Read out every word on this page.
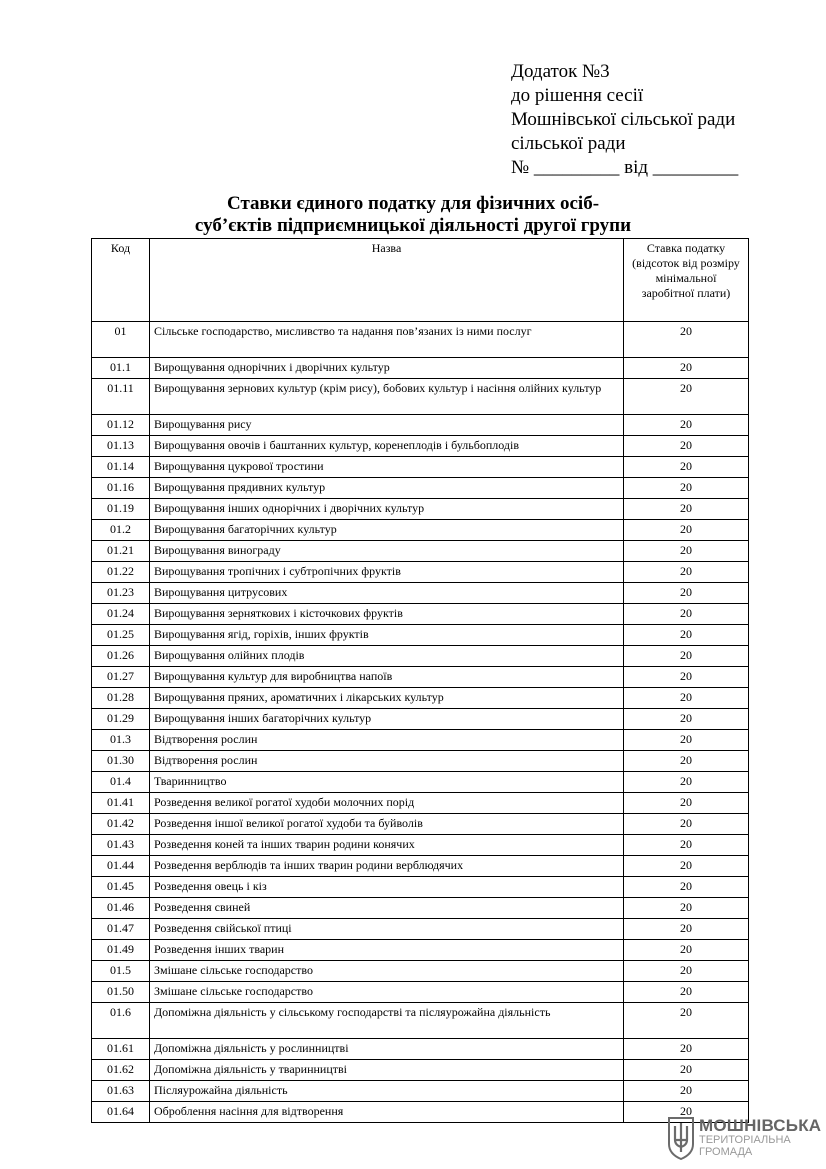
Додаток №3
до рішення сесії
Мошнівської сільської ради
сільської ради
№ _________ від _________
Ставки єдиного податку для фізичних осіб-
суб’єктів підприємницької діяльності другої групи
Код	Назва	Ставка податку (відсоток від розміру мінімальної заробітної плати)
01	Сільське господарство, мисливство та надання пов’язаних із ними послуг	20
01.1	Вирощування однорічних і дворічних культур	20
01.11	Вирощування зернових культур (крім рису), бобових культур і насіння олійних культур	20
01.12	Вирощування рису	20
01.13	Вирощування овочів і баштанних культур, коренеплодів і бульбоплодів	20
01.14	Вирощування цукрової тростини	20
01.16	Вирощування прядивних культур	20
01.19	Вирощування інших однорічних і дворічних культур	20
01.2	Вирощування багаторічних культур	20
01.21	Вирощування винограду	20
01.22	Вирощування тропічних і субтропічних фруктів	20
01.23	Вирощування цитрусових	20
01.24	Вирощування зерняткових і кісточкових фруктів	20
01.25	Вирощування ягід, горіхів, інших фруктів	20
01.26	Вирощування олійних плодів	20
01.27	Вирощування культур для виробництва напоїв	20
01.28	Вирощування пряних, ароматичних і лікарських культур	20
01.29	Вирощування інших багаторічних культур	20
01.3	Відтворення рослин	20
01.30	Відтворення рослин	20
01.4	Тваринництво	20
01.41	Розведення великої рогатої худоби молочних порід	20
01.42	Розведення іншої великої рогатої худоби та буйволів	20
01.43	Розведення коней та інших тварин родини конячих	20
01.44	Розведення верблюдів та інших тварин родини верблюдячих	20
01.45	Розведення овець і кіз	20
01.46	Розведення свиней	20
01.47	Розведення свійської птиці	20
01.49	Розведення інших тварин	20
01.5	Змішане сільське господарство	20
01.50	Змішане сільське господарство	20
01.6	Допоміжна діяльність у сільському господарстві та післяурожайна діяльність	20
01.61	Допоміжна діяльність у рослинництві	20
01.62	Допоміжна діяльність у тваринництві	20
01.63	Післяурожайна діяльність	20
01.64	Оброблення насіння для відтворення	20
МОШНІВСЬКА
ТЕРИТОРІАЛЬНА
ГРОМАДА
